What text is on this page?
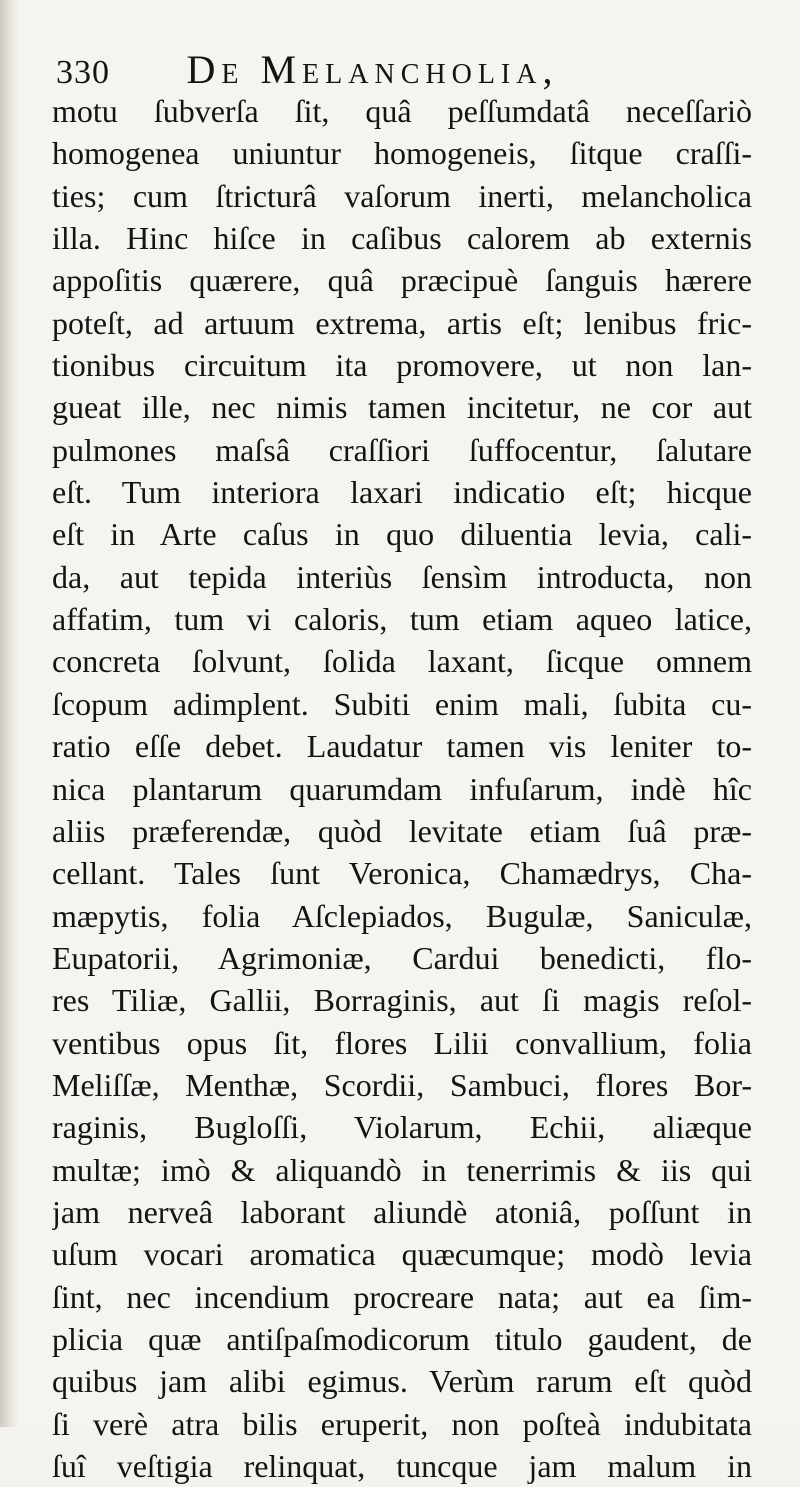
330 De Melancholia,
motu ſubverſa ſit, quâ peſſumdatâ neceſſariò
homogenea uniuntur homogeneis, ſitque craſſi-
ties; cum ſtricturâ vaſorum inerti, melancholica
illa. Hinc hiſce in caſibus calorem ab externis
appoſitis quærere, quâ præcipuè ſanguis hærere
poteſt, ad artuum extrema, artis eſt; lenibus fric-
tionibus circuitum ita promovere, ut non lan-
gueat ille, nec nimis tamen incitetur, ne cor aut
pulmones maſsâ craſſiori ſuffocentur, ſalutare
eſt. Tum interiora laxari indicatio eſt; hicque
eſt in Arte caſus in quo diluentia levia, cali-
da, aut tepida interiùs ſensìm introducta, non
affatim, tum vi caloris, tum etiam aqueo latice,
concreta ſolvunt, ſolida laxant, ſicque omnem
ſcopum adimplent. Subiti enim mali, ſubita cu-
ratio eſſe debet. Laudatur tamen vis leniter to-
nica plantarum quarumdam infuſarum, indè hîc
aliis præferendæ, quòd levitate etiam ſuâ præ-
cellant. Tales ſunt Veronica, Chamædrys, Cha-
mæpytis, folia Aſclepiados, Bugulæ, Saniculæ,
Eupatorii, Agrimoniæ, Cardui benedicti, flo-
res Tiliæ, Gallii, Borraginis, aut ſi magis reſol-
ventibus opus ſit, flores Lilii convallium, folia
Meliſſæ, Menthæ, Scordii, Sambuci, flores Bor-
raginis, Bugloſſi, Violarum, Echii, aliæque
multæ; imò & aliquandò in tenerrimis & iis qui
jam nerveâ laborant aliundè atoniâ, poſſunt in
uſum vocari aromatica quæcumque; modò levia
ſint, nec incendium procreare nata; aut ea ſim-
plicia quæ antiſpaſmodicorum titulo gaudent, de
quibus jam alibi egimus. Verùm rarum eſt quòd
ſi verè atra bilis eruperit, non poſteà indubitata
ſuî veſtigia relinquat, tuncque jam malum in
